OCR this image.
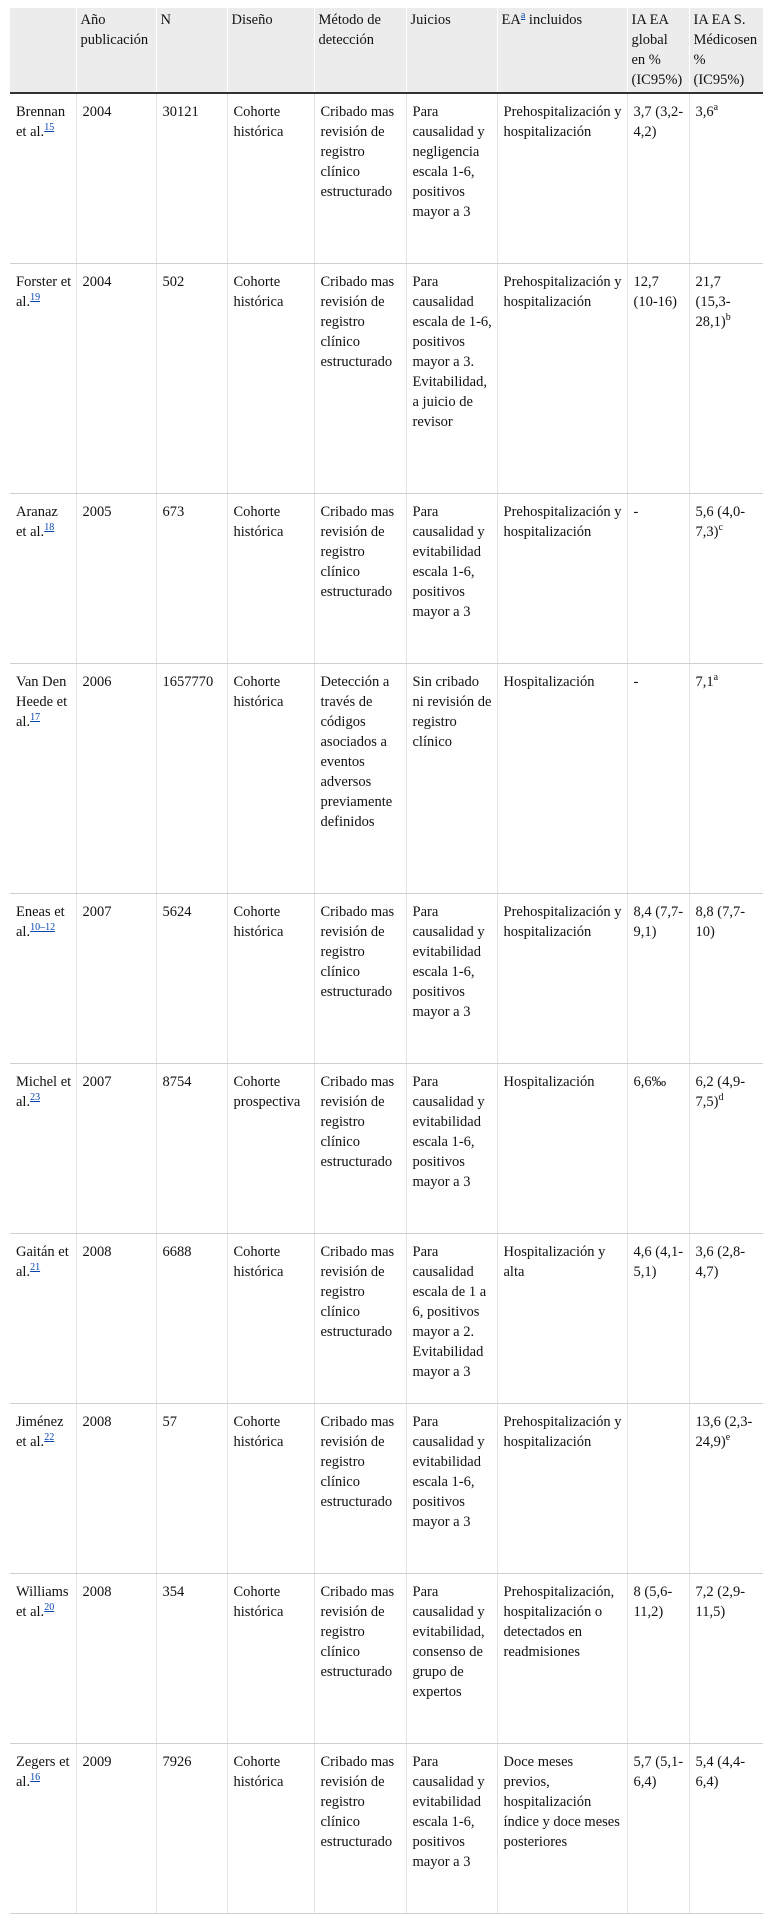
	Año publicación	N	Diseño	Método de detección	Juicios	EA$^a$ incluidos	IA EA global en % (IC95%)	IA EA S. Médicosen % (IC95%)
Brennan et al.$^{15}$	2004	30121	Cohorte histórica	Cribado mas revisión de registro clínico estructurado	Para causalidad y negligencia escala 1-6, positivos mayor a 3	Prehospitalización y hospitalización	3,7 (3,2-4,2)	3,6$^a$
Forster et al.$^{19}$	2004	502	Cohorte histórica	Cribado mas revisión de registro clínico estructurado	Para causalidad escala de 1-6, positivos mayor a 3. Evitabilidad, a juicio de revisor	Prehospitalización y hospitalización	12,7 (10-16)	21,7 $(15,3-28,1)^b$
Aranaz et al.$^{18}$	2005	673	Cohorte histórica	Cribado mas revisión de registro clínico estructurado	Para causalidad y evitabilidad escala 1-6, positivos mayor a 3	Prehospitalización y hospitalización	-	5,6 $(4,0-7,3)^c$
Van Den Heede et al.$^{17}$	2006	1657770	Cohorte histórica	Detección a través de códigos asociados a eventos adversos previamente definidos	Sin cribado ni revisión de registro clínico	Hospitalización	-	7,1$^a$
Eneas et al.$^{10-12}$	2007	5624	Cohorte histórica	Cribado mas revisión de registro clínico estructurado	Para causalidad y evitabilidad escala 1-6, positivos mayor a 3	Prehospitalización y hospitalización	8,4 (7,7-9,1)	8,8 (7,7-10)
Michel et al.$^{23}$	2007	8754	Cohorte prospectiva	Cribado mas revisión de registro clínico estructurado	Para causalidad y evitabilidad escala 1-6, positivos mayor a 3	Hospitalización	6,6‰	6,2 $(4,9-7,5)^d$
Gaitán et al.$^{21}$	2008	6688	Cohorte histórica	Cribado mas revisión de registro clínico estructurado	Para causalidad escala de 1 a 6, positivos mayor a 2. Evitabilidad mayor a 3	Hospitalización y alta	4,6 (4,1-5,1)	3,6 (2,8-4,7)
Jiménez et al.$^{22}$	2008	57	Cohorte histórica	Cribado mas revisión de registro clínico estructurado	Para causalidad y evitabilidad escala 1-6, positivos mayor a 3	Prehospitalización y hospitalización		13,6 $(2,3-24,9)^e$
Williams et al.$^{20}$	2008	354	Cohorte histórica	Cribado mas revisión de registro clínico estructurado	Para causalidad y evitabilidad, consenso de grupo de expertos	Prehospitalización, hospitalización o detectados en readmisiones	8 (5,6-11,2)	7,2 (2,9-11,5)
Zegers et al.$^{16}$	2009	7926	Cohorte histórica	Cribado mas revisión de registro clínico estructurado	Para causalidad y evitabilidad escala 1-6, positivos mayor a 3	Doce meses previos, hospitalización índice y doce meses posteriores	5,7 (5,1-6,4)	5,4 (4,4-6,4)
